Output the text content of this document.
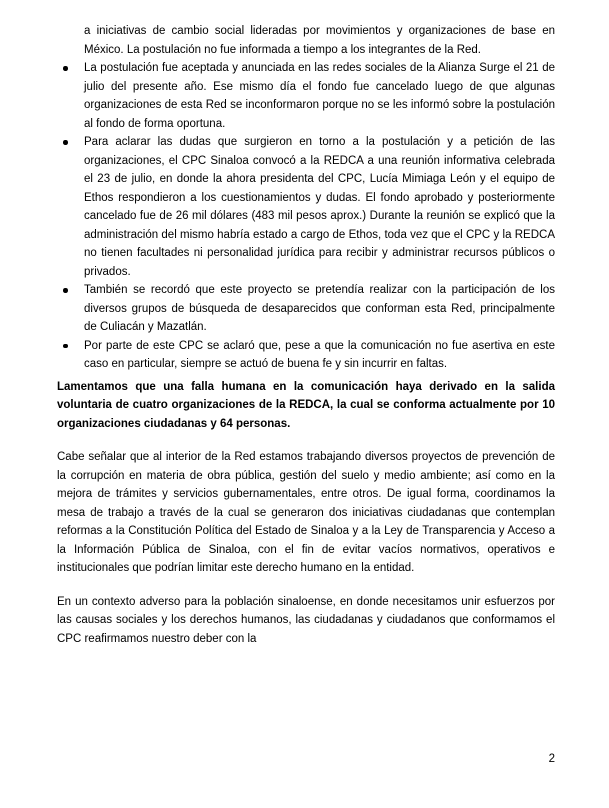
a iniciativas de cambio social lideradas por movimientos y organizaciones de base en México. La postulación no fue informada a tiempo a los integrantes de la Red.

La postulación fue aceptada y anunciada en las redes sociales de la Alianza Surge el 21 de julio del presente año. Ese mismo día el fondo fue cancelado luego de que algunas organizaciones de esta Red se inconformaron porque no se les informó sobre la postulación al fondo de forma oportuna.
Para aclarar las dudas que surgieron en torno a la postulación y a petición de las organizaciones, el CPC Sinaloa convocó a la REDCA a una reunión informativa celebrada el 23 de julio, en donde la ahora presidenta del CPC, Lucía Mimiaga León y el equipo de Ethos respondieron a los cuestionamientos y dudas. El fondo aprobado y posteriormente cancelado fue de 26 mil dólares (483 mil pesos aprox.) Durante la reunión se explicó que la administración del mismo habría estado a cargo de Ethos, toda vez que el CPC y la REDCA no tienen facultades ni personalidad jurídica para recibir y administrar recursos públicos o privados.
También se recordó que este proyecto se pretendía realizar con la participación de los diversos grupos de búsqueda de desaparecidos que conforman esta Red, principalmente de Culiacán y Mazatlán.
Por parte de este CPC se aclaró que, pese a que la comunicación no fue asertiva en este caso en particular, siempre se actuó de buena fe y sin incurrir en faltas.

Lamentamos que una falla humana en la comunicación haya derivado en la salida voluntaria de cuatro organizaciones de la REDCA, la cual se conforma actualmente por 10 organizaciones ciudadanas y 64 personas.

Cabe señalar que al interior de la Red estamos trabajando diversos proyectos de prevención de la corrupción en materia de obra pública, gestión del suelo y medio ambiente; así como en la mejora de trámites y servicios gubernamentales, entre otros. De igual forma, coordinamos la mesa de trabajo a través de la cual se generaron dos iniciativas ciudadanas que contemplan reformas a la Constitución Política del Estado de Sinaloa y a la Ley de Transparencia y Acceso a la Información Pública de Sinaloa, con el fin de evitar vacíos normativos, operativos e institucionales que podrían limitar este derecho humano en la entidad.

En un contexto adverso para la población sinaloense, en donde necesitamos unir esfuerzos por las causas sociales y los derechos humanos, las ciudadanas y ciudadanos que conformamos el CPC reafirmamos nuestro deber con la

2
